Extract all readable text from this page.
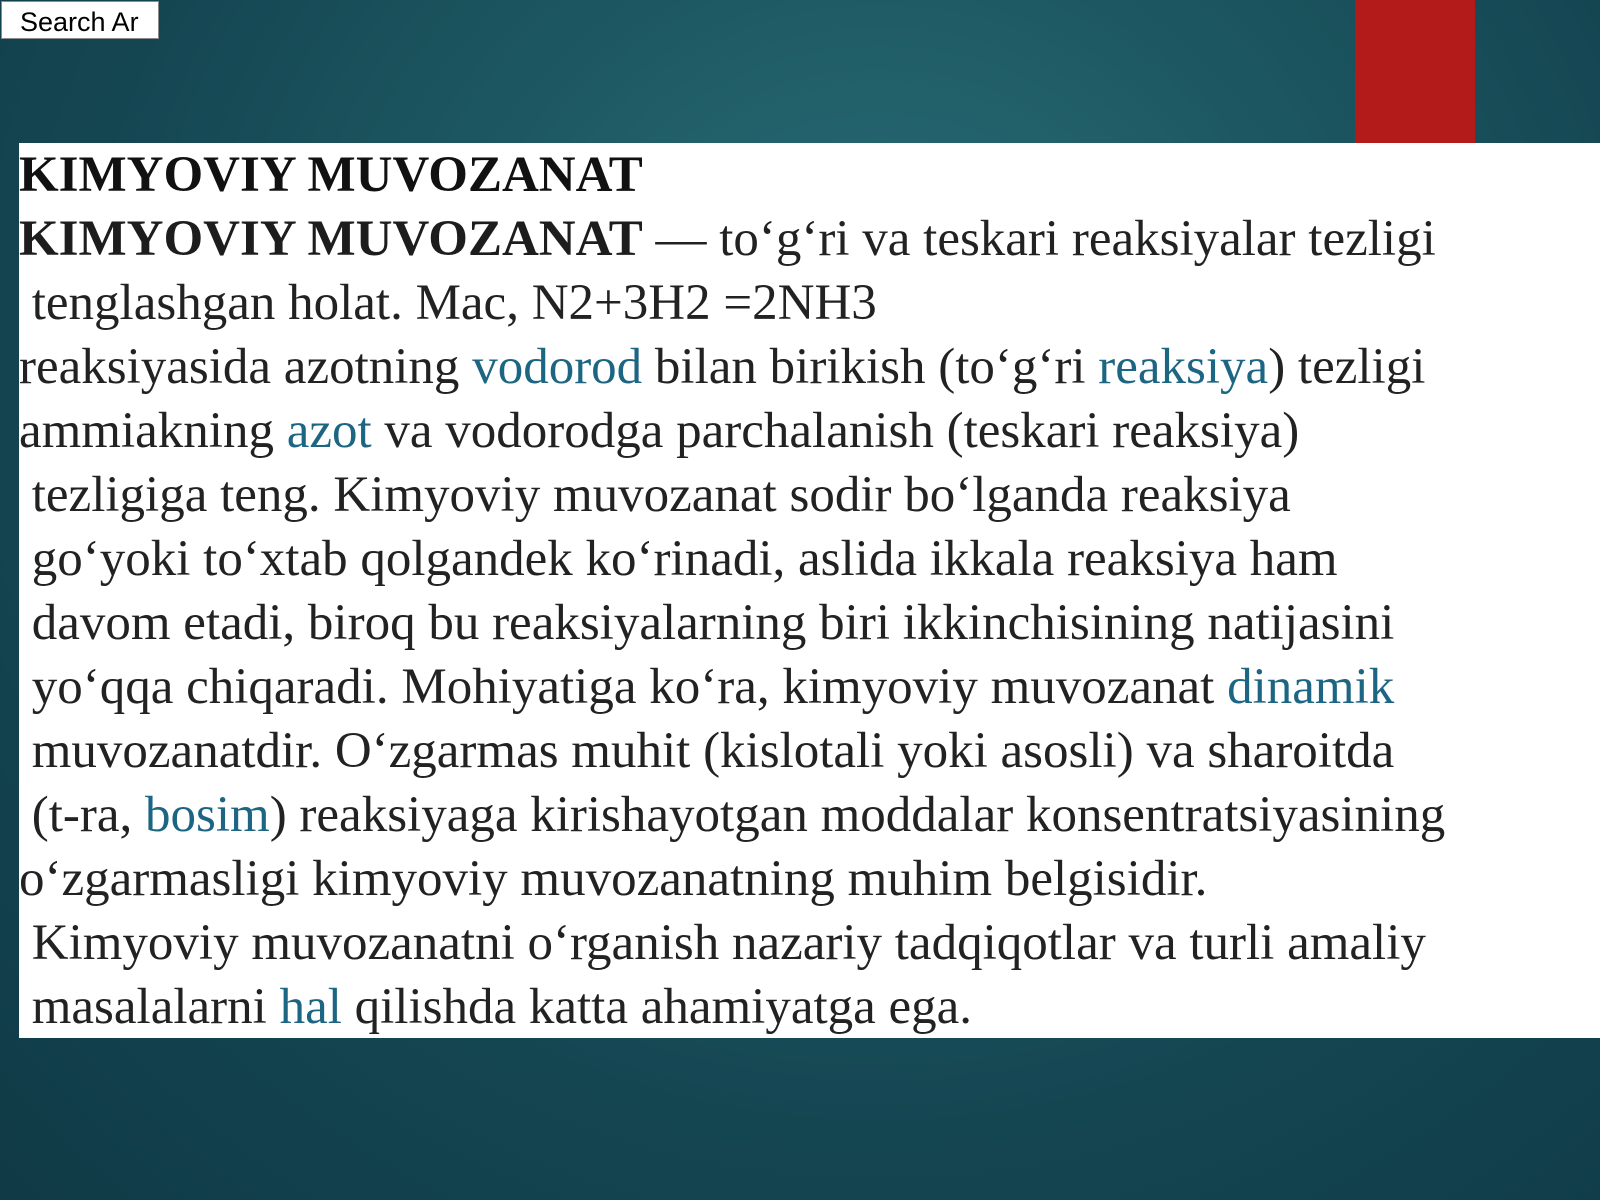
Search Ar
KIMYOVIY MUVOZANAT
KIMYOVIY MUVOZANAT — to‘g‘ri va teskari reaksiyalar tezligi
tenglashgan holat. Mac, N2+3H2 =2NH3
reaksiyasida azotning vodorod bilan birikish (to‘g‘ri reaksiya) tezligi
ammiakning azot va vodorodga parchalanish (teskari reaksiya)
tezligiga teng. Kimyoviy muvozanat sodir bo‘lganda reaksiya
go‘yoki to‘xtab qolgandek ko‘rinadi, aslida ikkala reaksiya ham
davom etadi, biroq bu reaksiyalarning biri ikkinchisining natijasini
yo‘qqa chiqaradi. Mohiyatiga ko‘ra, kimyoviy muvozanat dinamik
muvozanatdir. O‘zgarmas muhit (kislotali yoki asosli) va sharoitda
(t-ra, bosim) reaksiyaga kirishayotgan moddalar konsentratsiyasining
o‘zgarmasligi kimyoviy muvozanatning muhim belgisidir.
Kimyoviy muvozanatni o‘rganish nazariy tadqiqotlar va turli amaliy
masalalarni hal qilishda katta ahamiyatga ega.
